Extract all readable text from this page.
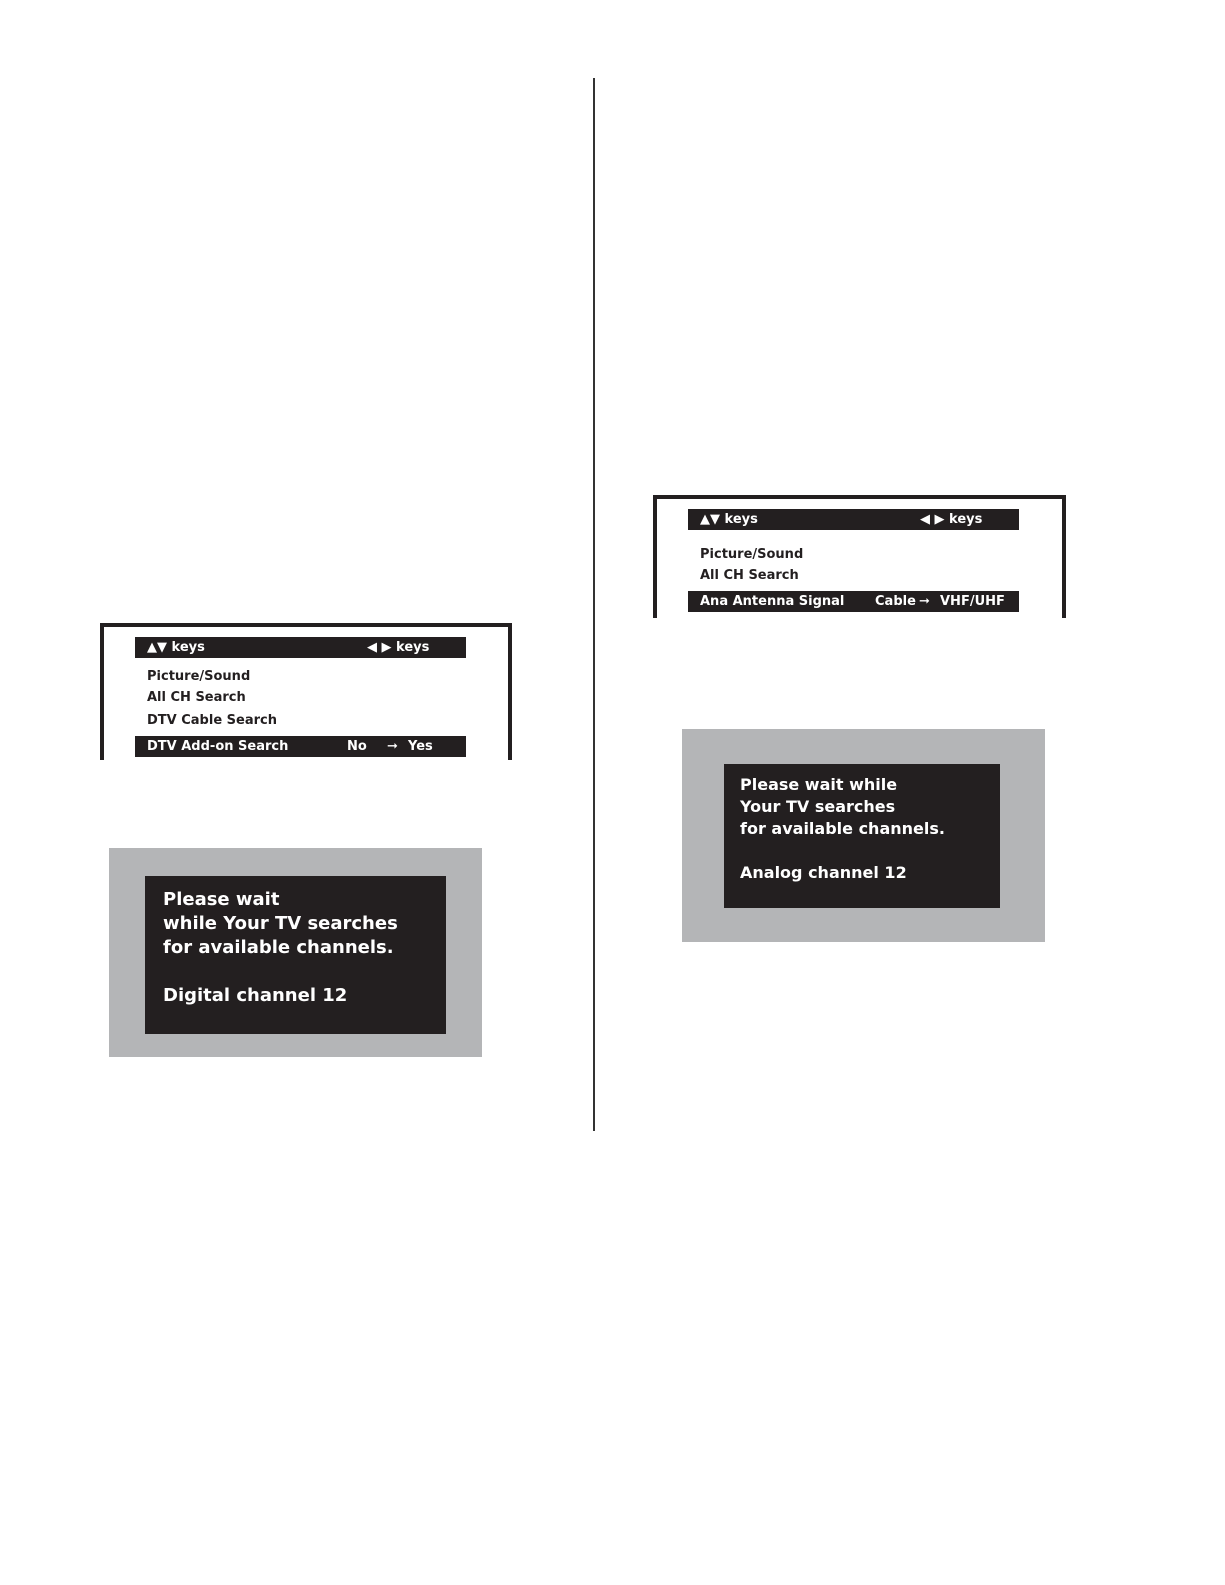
▲▼ keys	◀ ▶ keys
Picture/Sound
All CH Search
DTV Cable Search
DTV Add-on Search	No ➞ Yes
Please wait
while Your TV searches
for available channels.
Digital channel 12
▲▼ keys	◀ ▶ keys
Picture/Sound
All CH Search
Ana Antenna Signal Cable ➞ VHF/UHF
Please wait while
Your TV searches
for available channels.
Analog channel 12
